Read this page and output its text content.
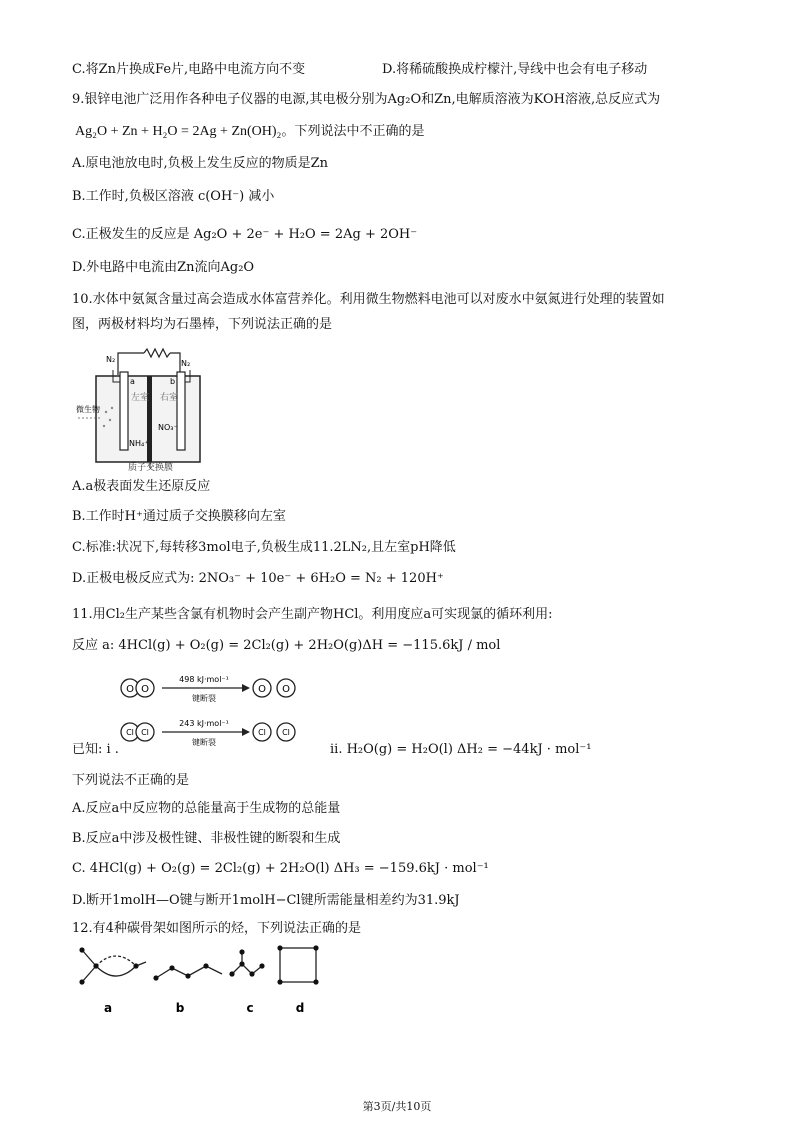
C.将Zn片换成Fe片,电路中电流方向不变	D.将稀硫酸换成柠檬汁,导线中也会有电子移动
9.银锌电池广泛用作各种电子仪器的电源,其电极分别为Ag₂O和Zn,电解质溶液为KOH溶液,总反应式为
Ag₂O + Zn + H₂O = 2Ag + Zn(OH)₂。下列说法中不正确的是
A.原电池放电时,负极上发生反应的物质是Zn
B.工作时,负极区溶液 c(OH⁻) 减小
C.正极发生的反应是 Ag₂O + 2e⁻ + H₂O = 2Ag + 2OH⁻
D.外电路中电流由Zn流向Ag₂O
10.水体中氨氮含量过高会造成水体富营养化。利用微生物燃料电池可以对废水中氨氮进行处理的装置如
图，两极材料均为石墨棒，下列说法正确的是
N₂	N₂
a	b
左室 右室
NH₄⁺
NO₃⁻
微生物
质子交换膜
A.a极表面发生还原反应
B.工作时H⁺通过质子交换膜移向左室
C.标准:状况下,每转移3mol电子,负极生成11.2LN₂,且左室pH降低
D.正极电极反应式为: 2NO₃⁻ + 10e⁻ + 6H₂O = N₂ + 120H⁺
11.用Cl₂生产某些含氯有机物时会产生副产物HCl。利用度应a可实现氯的循环利用:
反应 a: 4HCl(g) + O₂(g) = 2Cl₂(g) + 2H₂O(g)ΔH = −115.6kJ / mol
O O
498 kJ·mol⁻¹
键断裂
O O
Cl Cl
243 kJ·mol⁻¹
键断裂
Cl Cl
已知: i .	ii. H₂O(g) = H₂O(l) ΔH₂ = −44kJ · mol⁻¹
下列说法不正确的是
A.反应a中反应物的总能量高于生成物的总能量
B.反应a中涉及极性键、非极性键的断裂和生成
C. 4HCl(g) + O₂(g) = 2Cl₂(g) + 2H₂O(l) ΔH₃ = −159.6kJ · mol⁻¹
D.断开1molH—O键与断开1molH−Cl键所需能量相差约为31.9kJ
12.有4种碳骨架如图所示的烃，下列说法正确的是
a	b	c	d
第3页/共10页
